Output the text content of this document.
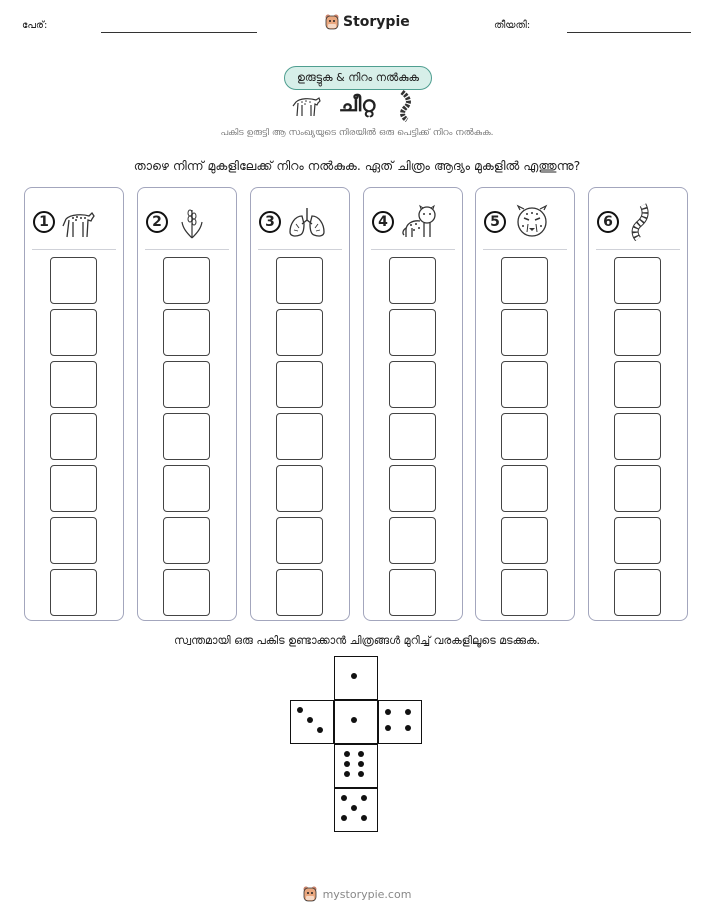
പേര്:	Storypie	തീയതി:
ഉരുട്ടുക & നിറം നൽകുക
ചീറ്റ
പകിട ഉരുട്ടി ആ സംഖ്യയുടെ നിരയിൽ ഒരു പെട്ടിക്ക് നിറം നൽകുക.
താഴെ നിന്ന് മുകളിലേക്ക് നിറം നൽകുക. ഏത് ചിത്രം ആദ്യം മുകളിൽ എത്തുന്നു?
1	2	3	4	5	6
സ്വന്തമായി ഒരു പകിട ഉണ്ടാക്കാൻ ചിത്രങ്ങൾ മുറിച്ച് വരകളിലൂടെ മടക്കുക.
mystorypie.com
